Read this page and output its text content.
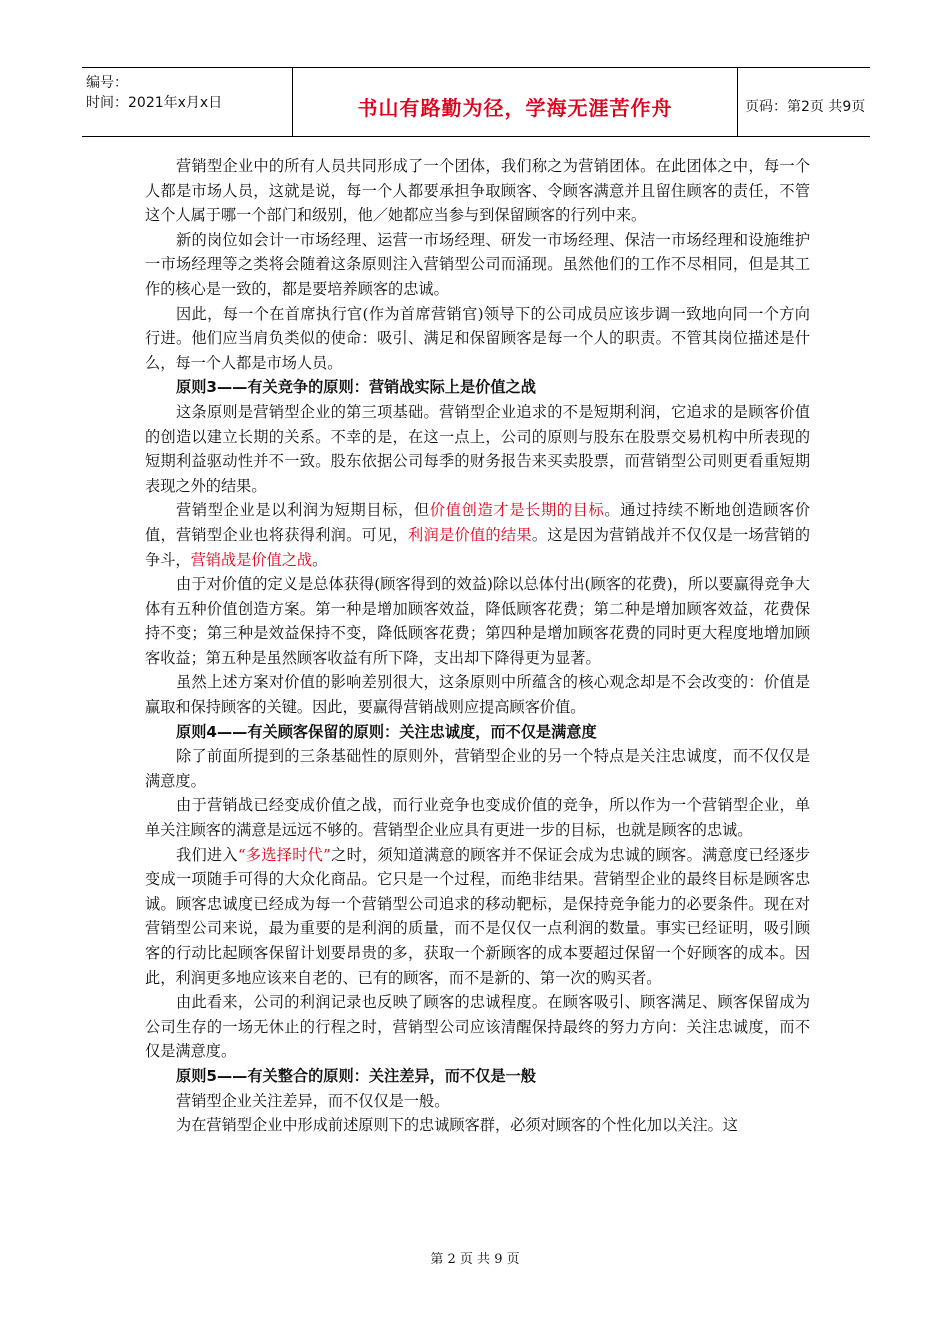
编号：
时间：2021年x月x日	书山有路勤为径，学海无涯苦作舟	页码：第2页 共9页

营销型企业中的所有人员共同形成了一个团体，我们称之为营销团体。在此团体之中，每一个人都是市场人员，这就是说，每一个人都要承担争取顾客、令顾客满意并且留住顾客的责任，不管这个人属于哪一个部门和级别，他／她都应当参与到保留顾客的行列中来。

新的岗位如会计一市场经理、运营一市场经理、研发一市场经理、保洁一市场经理和设施维护一市场经理等之类将会随着这条原则注入营销型公司而涌现。虽然他们的工作不尽相同，但是其工作的核心是一致的，都是要培养顾客的忠诚。

因此，每一个在首席执行官(作为首席营销官)领导下的公司成员应该步调一致地向同一个方向行进。他们应当肩负类似的使命：吸引、满足和保留顾客是每一个人的职责。不管其岗位描述是什么，每一个人都是市场人员。

原则3——有关竞争的原则：营销战实际上是价值之战

这条原则是营销型企业的第三项基础。营销型企业追求的不是短期利润，它追求的是顾客价值的创造以建立长期的关系。不幸的是，在这一点上，公司的原则与股东在股票交易机构中所表现的短期利益驱动性并不一致。股东依据公司每季的财务报告来买卖股票，而营销型公司则更看重短期表现之外的结果。

营销型企业是以利润为短期目标，但价值创造才是长期的目标。通过持续不断地创造顾客价值，营销型企业也将获得利润。可见，利润是价值的结果。这是因为营销战并不仅仅是一场营销的争斗，营销战是价值之战。

由于对价值的定义是总体获得(顾客得到的效益)除以总体付出(顾客的花费)，所以要赢得竞争大体有五种价值创造方案。第一种是增加顾客效益，降低顾客花费；第二种是增加顾客效益，花费保持不变；第三种是效益保持不变，降低顾客花费；第四种是增加顾客花费的同时更大程度地增加顾客收益；第五种是虽然顾客收益有所下降，支出却下降得更为显著。

虽然上述方案对价值的影响差别很大，这条原则中所蕴含的核心观念却是不会改变的：价值是赢取和保持顾客的关键。因此，要赢得营销战则应提高顾客价值。

原则4——有关顾客保留的原则：关注忠诚度，而不仅是满意度

除了前面所提到的三条基础性的原则外，营销型企业的另一个特点是关注忠诚度，而不仅仅是满意度。

由于营销战已经变成价值之战，而行业竞争也变成价值的竞争，所以作为一个营销型企业，单单关注顾客的满意是远远不够的。营销型企业应具有更进一步的目标，也就是顾客的忠诚。

我们进入“多选择时代”之时，须知道满意的顾客并不保证会成为忠诚的顾客。满意度已经逐步变成一项随手可得的大众化商品。它只是一个过程，而绝非结果。营销型企业的最终目标是顾客忠诚。顾客忠诚度已经成为每一个营销型公司追求的移动靶标，是保持竞争能力的必要条件。现在对营销型公司来说，最为重要的是利润的质量，而不是仅仅一点利润的数量。事实已经证明，吸引顾客的行动比起顾客保留计划要昂贵的多，获取一个新顾客的成本要超过保留一个好顾客的成本。因此，利润更多地应该来自老的、已有的顾客，而不是新的、第一次的购买者。

由此看来，公司的利润记录也反映了顾客的忠诚程度。在顾客吸引、顾客满足、顾客保留成为公司生存的一场无休止的行程之时，营销型公司应该清醒保持最终的努力方向：关注忠诚度，而不仅是满意度。

原则5——有关整合的原则：关注差异，而不仅是一般

营销型企业关注差异，而不仅仅是一般。

为在营销型企业中形成前述原则下的忠诚顾客群，必须对顾客的个性化加以关注。这

第 2 页 共 9 页
